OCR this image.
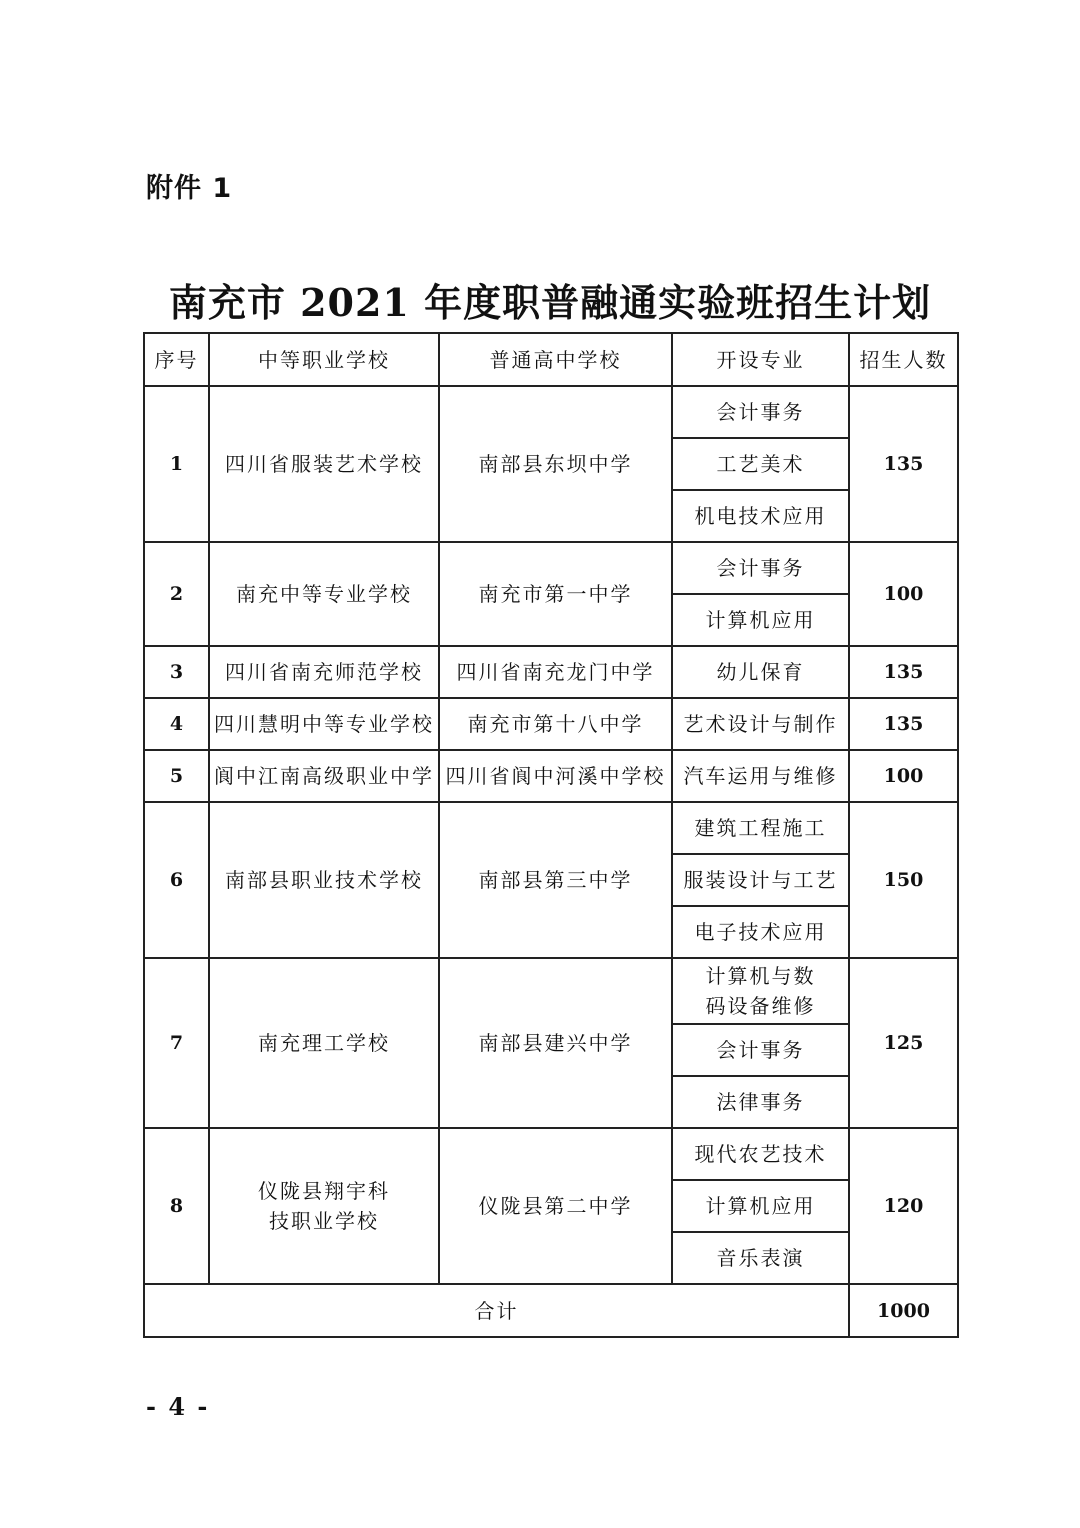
附件 1
南充市 2021 年度职普融通实验班招生计划
序号	中等职业学校	普通高中学校	开设专业	招生人数
1	四川省服装艺术学校	南部县东坝中学	会计事务	135
			工艺美术	
			机电技术应用	
2	南充中等专业学校	南充市第一中学	会计事务	100
			计算机应用	
3	四川省南充师范学校	四川省南充龙门中学	幼儿保育	135
4	四川慧明中等专业学校	南充市第十八中学	艺术设计与制作	135
5	阆中江南高级职业中学	四川省阆中河溪中学校	汽车运用与维修	100
6	南部县职业技术学校	南部县第三中学	建筑工程施工	150
			服装设计与工艺	
			电子技术应用	
7	南充理工学校	南部县建兴中学	计算机与数码设备维修	125
			会计事务	
			法律事务	
8	仪陇县翔宇科技职业学校	仪陇县第二中学	现代农艺技术	120
			计算机应用	
			音乐表演	
合计				1000
- 4 -
